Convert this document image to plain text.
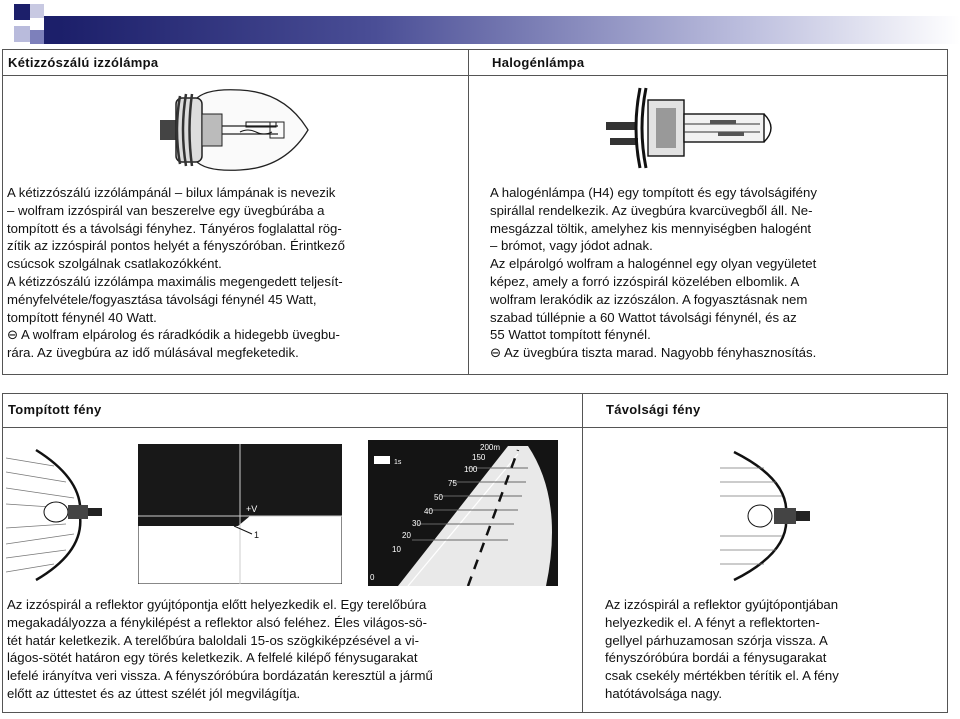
Kétizzószálú izzólámpa	Halogénlámpa
A kétizzószálú izzólámpánál – bilux lámpának is nevezik
– wolfram izzóspirál van beszerelve egy üvegbúrába a
tompított és a távolsági fényhez. Tányéros foglalattal rög-
zítik az izzóspirál pontos helyét a fényszóróban. Érintkező
csúcsok szolgálnak csatlakozókként.
A kétizzószálú izzólámpa maximális megengedett teljesít-
ményfelvétele/fogyasztása távolsági fénynél 45 Watt,
tompított fénynél 40 Watt.
⊖ A wolfram elpárolog és ráradkódik a hidegebb üvegbu-
rára. Az üvegbúra az idő múlásával megfeketedik.
A halogénlámpa (H4) egy tompított és egy távolságifény
spirállal rendelkezik. Az üvegbúra kvarcüvegből áll. Ne-
mesgázzal töltik, amelyhez kis mennyiségben halogént
– brómot, vagy jódot adnak.
Az elpárolgó wolfram a halogénnel egy olyan vegyületet
képez, amely a forró izzóspirál közelében elbomlik. A
wolfram lerakódik az izzószálon. A fogyasztásnak nem
szabad túllépnie a 60 Wattot távolsági fénynél, és az
55 Wattot tompított fénynél.
⊖ Az üvegbúra tiszta marad. Nagyobb fényhasznosítás.
Tompított fény	Távolsági fény
+V
1
1s
200m
150
100
75
50
40
30
20
10
0
Az izzóspirál a reflektor gyújtópontja előtt helyezkedik el. Egy terelőbúra
megakadályozza a fénykilépést a reflektor alsó feléhez. Éles világos-sö-
tét határ keletkezik. A terelőbúra baloldali 15-os szögkiképzésével a vi-
lágos-sötét határon egy törés keletkezik. A felfelé kilépő fénysugarakat
lefelé irányítva veri vissza. A fényszóróbúra bordázatán keresztül a jármű
előtt az úttestet és az úttest szélét jól megvilágítja.
Az izzóspirál a reflektor gyújtópontjában
helyezkedik el. A fényt a reflektorten-
gellyel párhuzamosan szórja vissza. A
fényszóróbúra bordái a fénysugarakat
csak csekély mértékben térítik el. A fény
hatótávolsága nagy.
